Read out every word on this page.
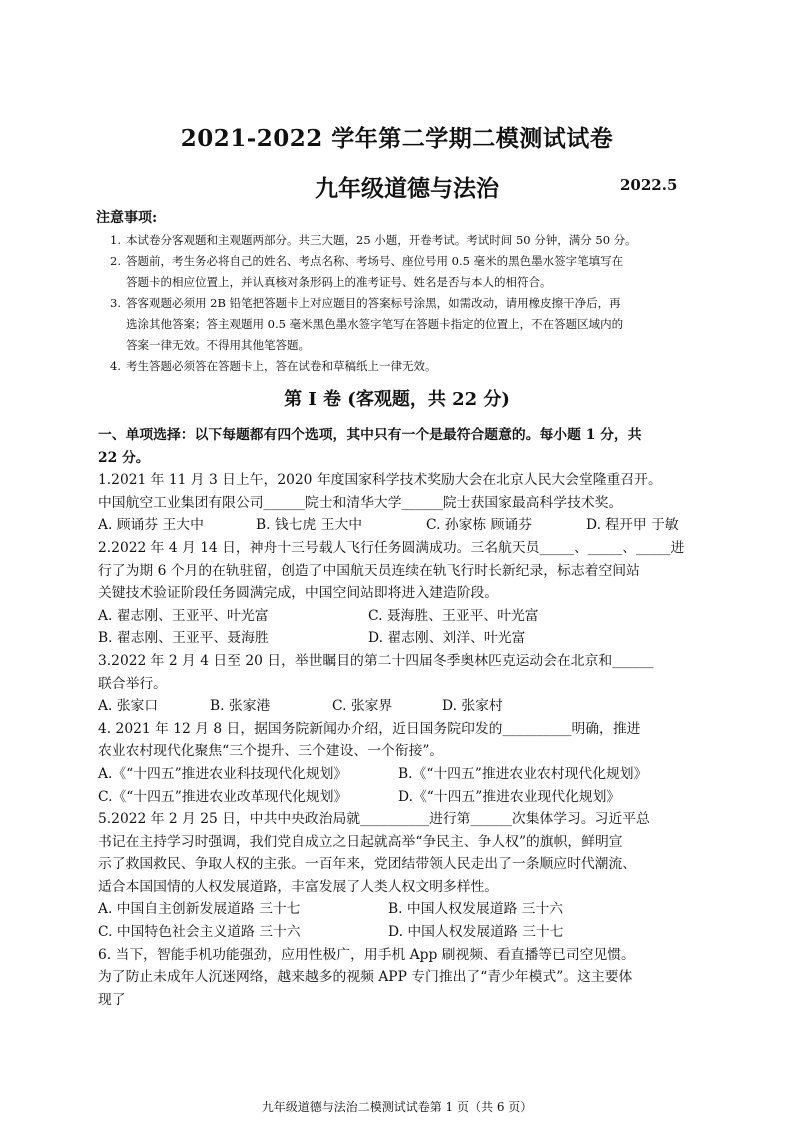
2021-2022 学年第二学期二模测试试卷
九年级道德与法治	2022.5
注意事项:
1. 本试卷分客观题和主观题两部分。共三大题，25 小题，开卷考试。考试时间 50 分钟，满分 50 分。
2. 答题前，考生务必将自己的姓名、考点名称、考场号、座位号用 0.5 毫米的黑色墨水签字笔填写在
答题卡的相应位置上，并认真核对条形码上的准考证号、姓名是否与本人的相符合。
3. 答客观题必须用 2B 铅笔把答题卡上对应题目的答案标号涂黑，如需改动，请用橡皮擦干净后，再
选涂其他答案；答主观题用 0.5 毫米黑色墨水签字笔写在答题卡指定的位置上，不在答题区域内的
答案一律无效。不得用其他笔答题。
4. 考生答题必须答在答题卡上，答在试卷和草稿纸上一律无效。
第 I 卷 (客观题，共 22 分)
一、单项选择：以下每题都有四个选项，其中只有一个是最符合题意的。每小题 1 分，共
22 分。
1.2021 年 11 月 3 日上午，2020 年度国家科学技术奖励大会在北京人民大会堂隆重召开。
中国航空工业集团有限公司______院士和清华大学______院士获国家最高科学技术奖。
A. 顾诵芬 王大中	B. 钱七虎 王大中	C. 孙家栋 顾诵芬	D. 程开甲 于敏
2.2022 年 4 月 14 日，神舟十三号载人飞行任务圆满成功。三名航天员_____、_____、_____进
行了为期 6 个月的在轨驻留，创造了中国航天员连续在轨飞行时长新纪录，标志着空间站
关键技术验证阶段任务圆满完成，中国空间站即将进入建造阶段。
A. 翟志刚、王亚平、叶光富	C. 聂海胜、王亚平、叶光富
B. 翟志刚、王亚平、聂海胜	D. 翟志刚、刘洋、叶光富
3.2022 年 2 月 4 日至 20 日，举世瞩目的第二十四届冬季奥林匹克运动会在北京和______
联合举行。
A. 张家口	B. 张家港	C. 张家界	D. 张家村
4. 2021 年 12 月 8 日，据国务院新闻办介绍，近日国务院印发的__________明确，推进
农业农村现代化聚焦“三个提升、三个建设、一个衔接”。
A.《“十四五”推进农业科技现代化规划》	B.《“十四五”推进农业农村现代化规划》
C.《“十四五”推进农业改革现代化规划》	D.《“十四五”推进农业现代化规划》
5.2022 年 2 月 25 日，中共中央政治局就__________进行第______次集体学习。习近平总
书记在主持学习时强调，我们党自成立之日起就高举“争民主、争人权”的旗帜，鲜明宣
示了救国救民、争取人权的主张。一百年来，党团结带领人民走出了一条顺应时代潮流、
适合本国国情的人权发展道路，丰富发展了人类人权文明多样性。
A. 中国自主创新发展道路 三十七	B. 中国人权发展道路 三十六
C. 中国特色社会主义道路 三十六	D. 中国人权发展道路 三十七
6. 当下，智能手机功能强劲，应用性极广，用手机 App 刷视频、看直播等已司空见惯。
为了防止未成年人沉迷网络，越来越多的视频 APP 专门推出了“青少年模式”。这主要体
现了
九年级道德与法治二模测试试卷第 1 页（共 6 页）
